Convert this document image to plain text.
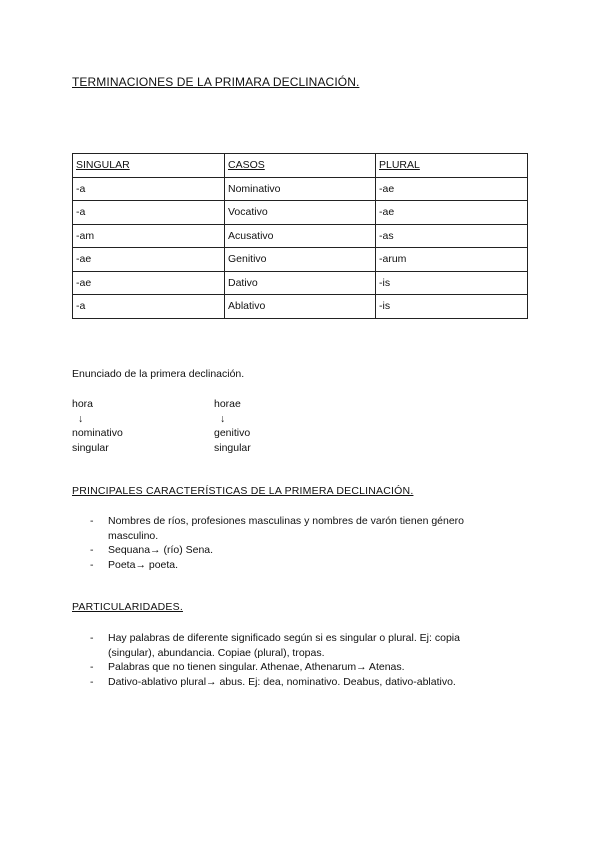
TERMINACIONES DE LA PRIMARA DECLINACIÓN.
SINGULAR	CASOS	PLURAL
-a	Nominativo	-ae
-a	Vocativo	-ae
-am	Acusativo	-as
-ae	Genitivo	-arum
-ae	Dativo	-is
-a	Ablativo	-is
Enunciado de la primera declinación.
hora
↓
nominativo
singular
horae
↓
genitivo
singular
PRINCIPALES CARACTERÍSTICAS DE LA PRIMERA DECLINACIÓN.
- Nombres de ríos, profesiones masculinas y nombres de varón tienen género masculino.
- Sequana→ (río) Sena.
- Poeta→ poeta.
PARTICULARIDADES.
- Hay palabras de diferente significado según si es singular o plural. Ej: copia (singular), abundancia. Copiae (plural), tropas.
- Palabras que no tienen singular. Athenae, Athenarum→ Atenas.
- Dativo-ablativo plural→ abus. Ej: dea, nominativo. Deabus, dativo-ablativo.
